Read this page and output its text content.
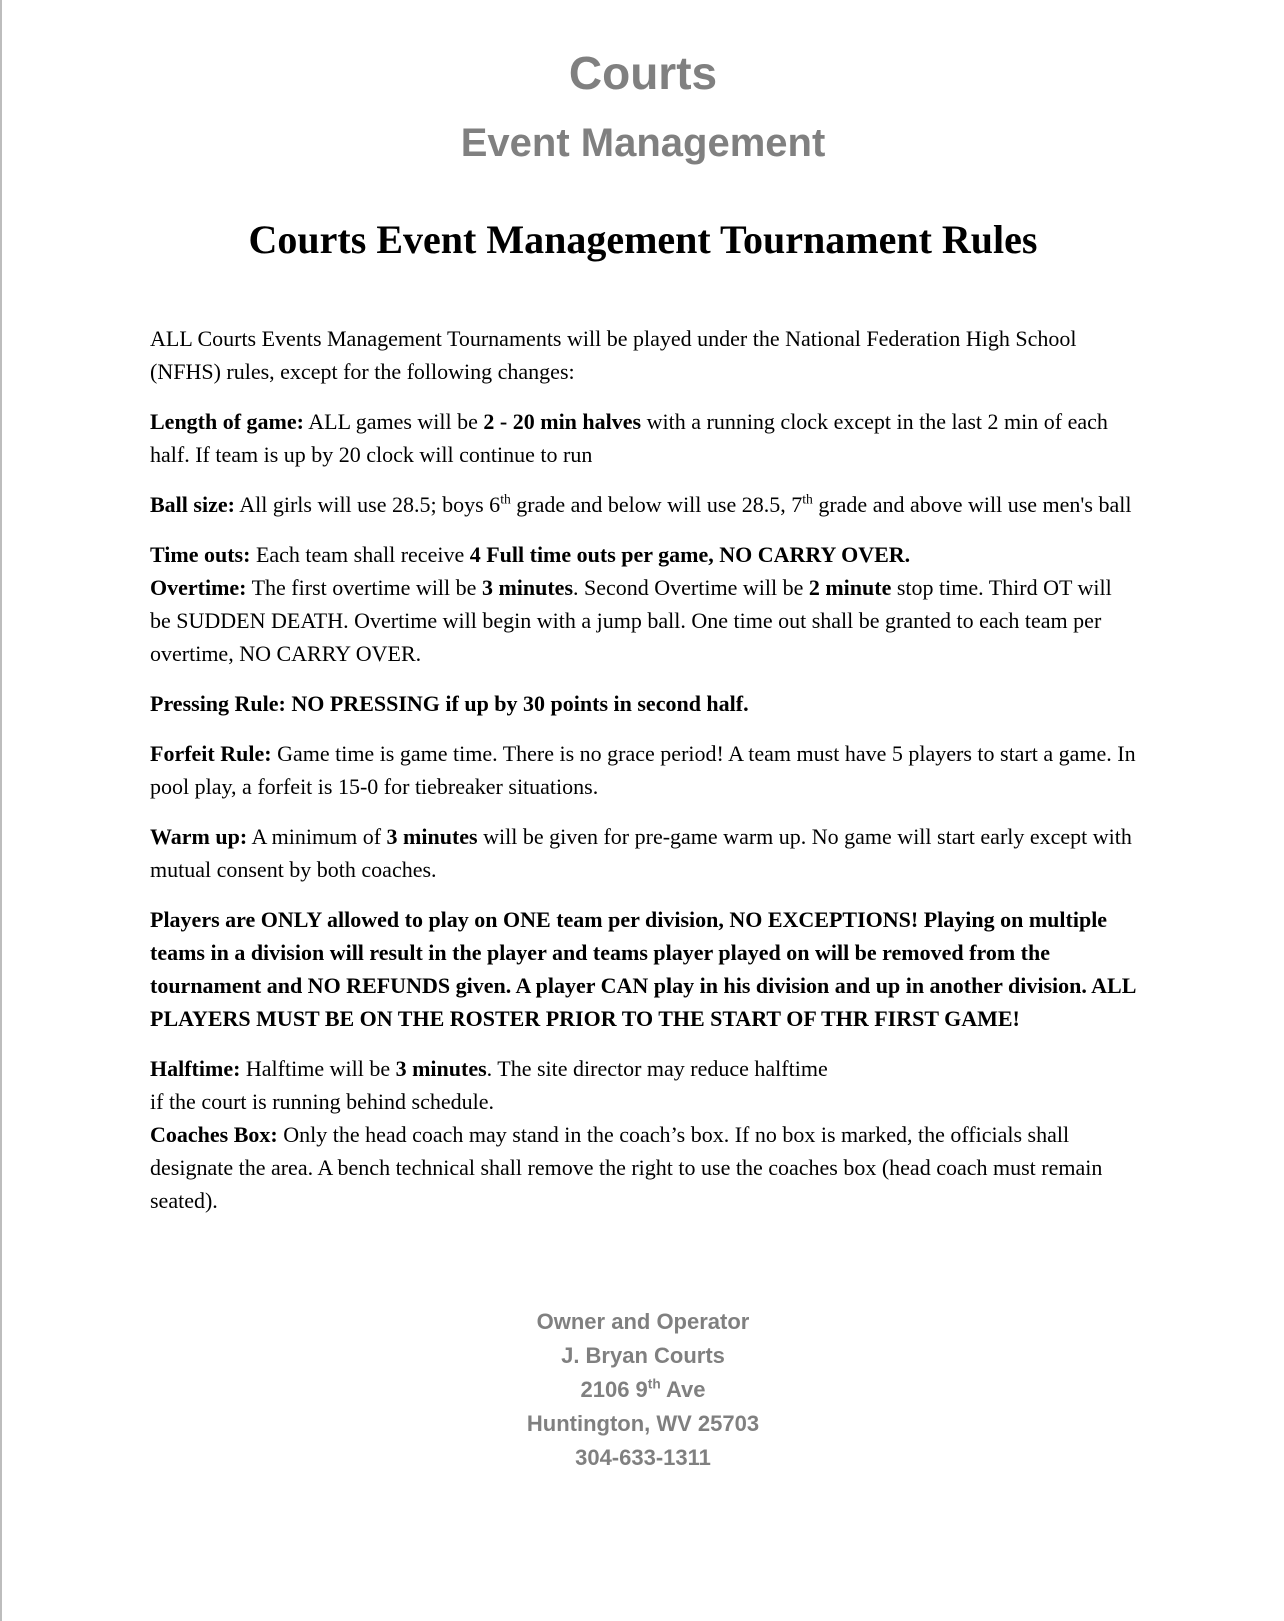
Courts
Event Management
Courts Event Management Tournament Rules

ALL Courts Events Management Tournaments will be played under the National Federation High School (NFHS) rules, except for the following changes:

Length of game: ALL games will be 2 - 20 min halves with a running clock except in the last 2 min of each half. If team is up by 20 clock will continue to run

Ball size: All girls will use 28.5; boys 6th grade and below will use 28.5, 7th grade and above will use men's ball

Time outs: Each team shall receive 4 Full time outs per game, NO CARRY OVER.
Overtime: The first overtime will be 3 minutes. Second Overtime will be 2 minute stop time. Third OT will be SUDDEN DEATH. Overtime will begin with a jump ball. One time out shall be granted to each team per overtime, NO CARRY OVER.

Pressing Rule: NO PRESSING if up by 30 points in second half.

Forfeit Rule: Game time is game time. There is no grace period! A team must have 5 players to start a game. In pool play, a forfeit is 15-0 for tiebreaker situations.

Warm up: A minimum of 3 minutes will be given for pre-game warm up. No game will start early except with mutual consent by both coaches.

Players are ONLY allowed to play on ONE team per division, NO EXCEPTIONS! Playing on multiple teams in a division will result in the player and teams player played on will be removed from the tournament and NO REFUNDS given. A player CAN play in his division and up in another division. ALL PLAYERS MUST BE ON THE ROSTER PRIOR TO THE START OF THR FIRST GAME!

Halftime: Halftime will be 3 minutes. The site director may reduce halftime
if the court is running behind schedule.
Coaches Box: Only the head coach may stand in the coach’s box. If no box is marked, the officials shall designate the area. A bench technical shall remove the right to use the coaches box (head coach must remain seated).

Owner and Operator
J. Bryan Courts
2106 9th Ave
Huntington, WV 25703
304-633-1311
